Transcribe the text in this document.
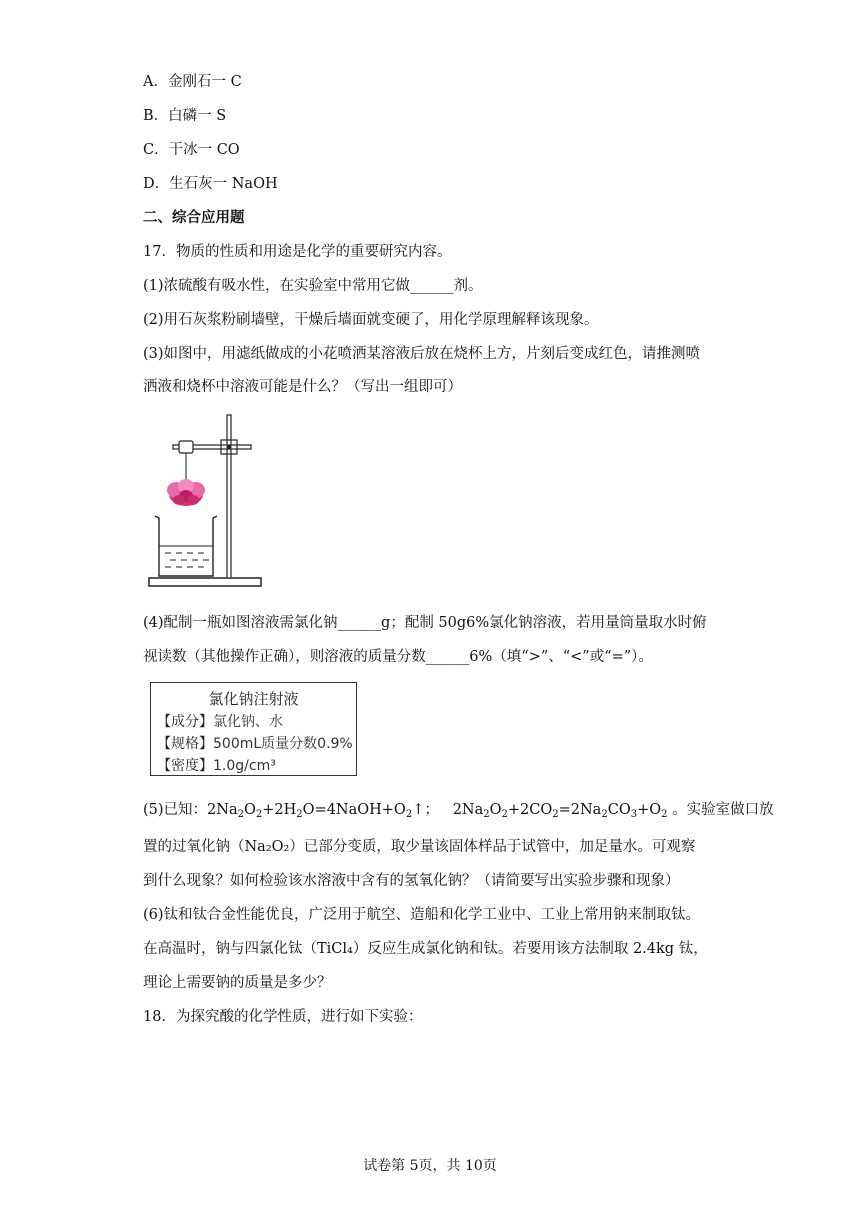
A．金刚石一 C
B．白磷一 S
C．干冰一 CO
D．生石灰一 NaOH
二、综合应用题
17．物质的性质和用途是化学的重要研究内容。
(1)浓硫酸有吸水性，在实验室中常用它做______剂。
(2)用石灰浆粉刷墙壁，干燥后墙面就变硬了，用化学原理解释该现象。
(3)如图中，用滤纸做成的小花喷洒某溶液后放在烧杯上方，片刻后变成红色，请推测喷
洒液和烧杯中溶液可能是什么？（写出一组即可）
(4)配制一瓶如图溶液需氯化钠______g；配制 50g6%氯化钠溶液，若用量筒量取水时俯
视读数（其他操作正确），则溶液的质量分数______6%（填“>”、“<”或“=”）。
氯化钠注射液
【成分】氯化钠、水
【规格】500mL质量分数0.9%
【密度】1.0g/cm³
(5)已知：$2Na_2O_2+2H_2O=4NaOH+O_2↑$； $2Na_2O_2+2CO_2=2Na_2CO_3+O_2$ 。实验室做口放
置的过氧化钠（Na₂O₂）已部分变质，取少量该固体样品于试管中，加足量水。可观察
到什么现象？如何检验该水溶液中含有的氢氧化钠？（请简要写出实验步骤和现象）
(6)钛和钛合金性能优良，广泛用于航空、造船和化学工业中、工业上常用钠来制取钛。
在高温时，钠与四氯化钛（TiCl₄）反应生成氯化钠和钛。若要用该方法制取 2.4kg 钛，
理论上需要钠的质量是多少？
18．为探究酸的化学性质，进行如下实验：
试卷第 5页，共 10页
